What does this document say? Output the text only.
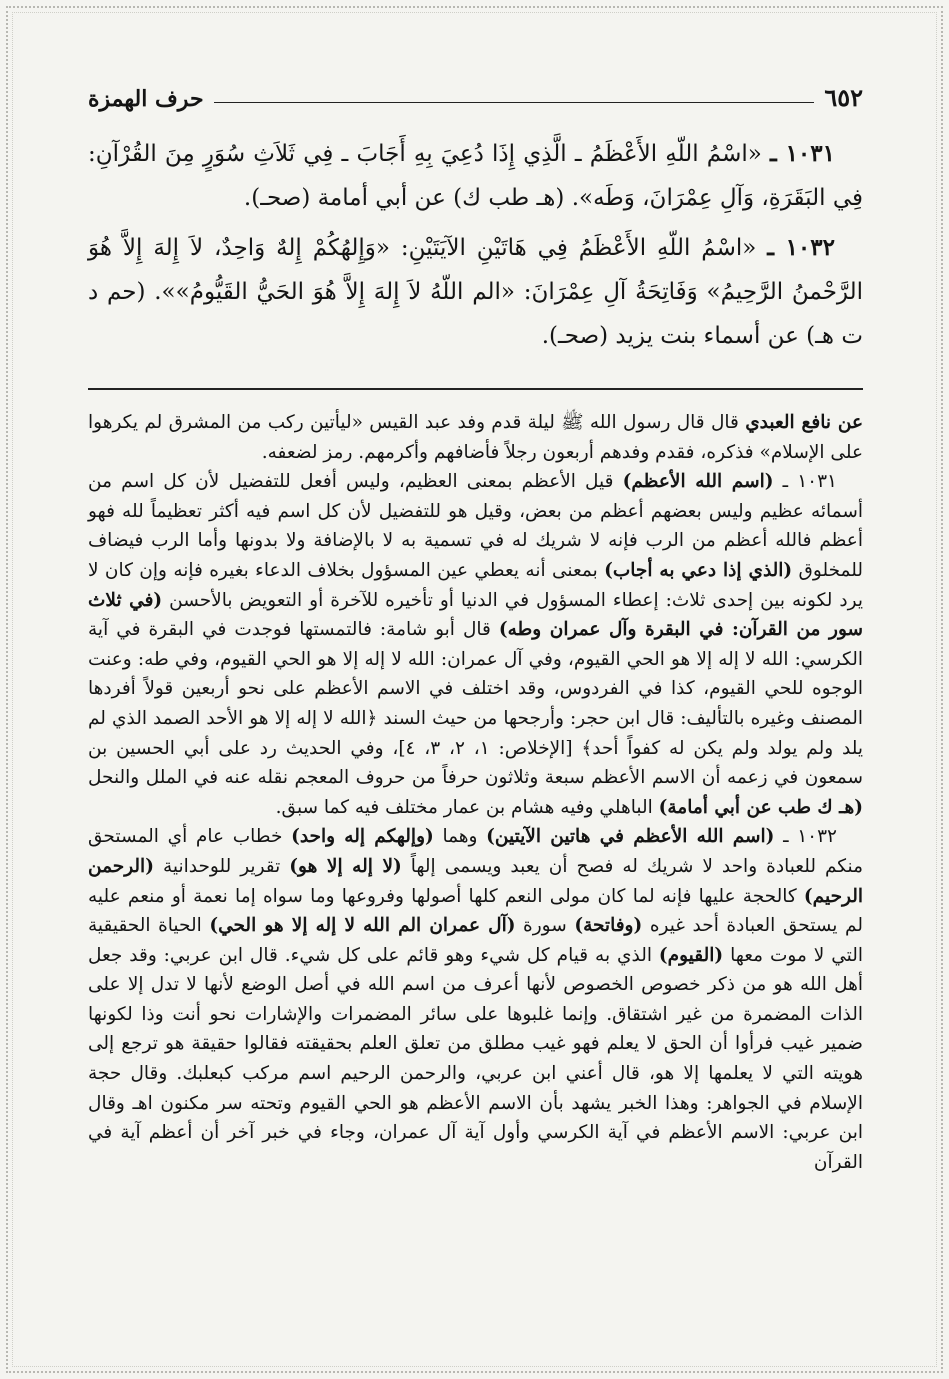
٦٥٢
حرف الهمزة

١٠٣١ ـ «اسْمُ اللّهِ الأَعْظَمُ ـ الَّذِي إِذَا دُعِيَ بِهِ أَجَابَ ـ فِي ثَلاَثِ سُوَرٍ مِنَ القُرْآنِ: فِي البَقَرَةِ، وَآلِ عِمْرَانَ، وَطَه». (هـ طب ك) عن أبي أمامة (صحـ).

١٠٣٢ ـ «اسْمُ اللّهِ الأَعْظَمُ فِي هَاتَيْنِ الآيَتَيْنِ: «وَإِلهُكُمْ إِلهٌ وَاحِدٌ، لاَ إِلهَ إِلاَّ هُوَ الرَّحْمنُ الرَّحِيمُ» وَفَاتِحَةُ آلِ عِمْرَانَ: «الم اللّهُ لاَ إِلهَ إِلاَّ هُوَ الحَيُّ القَيُّومُ»». (حم د ت هـ) عن أسماء بنت يزيد (صحـ).

عن نافع العبدي قال قال رسول الله ﷺ ليلة قدم وفد عبد القيس «ليأتين ركب من المشرق لم يكرهوا على الإسلام» فذكره، فقدم وفدهم أربعون رجلاً فأضافهم وأكرمهم. رمز لضعفه.

١٠٣١ ـ (اسم الله الأعظم) قيل الأعظم بمعنى العظيم، وليس أفعل للتفضيل لأن كل اسم من أسمائه عظيم وليس بعضهم أعظم من بعض، وقيل هو للتفضيل لأن كل اسم فيه أكثر تعظيماً لله فهو أعظم فالله أعظم من الرب فإنه لا شريك له في تسمية به لا بالإضافة ولا بدونها وأما الرب فيضاف للمخلوق (الذي إذا دعي به أجاب) بمعنى أنه يعطي عين المسؤول بخلاف الدعاء بغيره فإنه وإن كان لا يرد لكونه بين إحدى ثلاث: إعطاء المسؤول في الدنيا أو تأخيره للآخرة أو التعويض بالأحسن (في ثلاث سور من القرآن: في البقرة وآل عمران وطه) قال أبو شامة: فالتمستها فوجدت في البقرة في آية الكرسي: الله لا إله إلا هو الحي القيوم، وفي آل عمران: الله لا إله إلا هو الحي القيوم، وفي طه: وعنت الوجوه للحي القيوم، كذا في الفردوس، وقد اختلف في الاسم الأعظم على نحو أربعين قولاً أفردها المصنف وغيره بالتأليف: قال ابن حجر: وأرجحها من حيث السند ﴿الله لا إله إلا هو الأحد الصمد الذي لم يلد ولم يولد ولم يكن له كفواً أحد﴾ [الإخلاص: ١، ٢، ٣، ٤]، وفي الحديث رد على أبي الحسين بن سمعون في زعمه أن الاسم الأعظم سبعة وثلاثون حرفاً من حروف المعجم نقله عنه في الملل والنحل (هـ ك طب عن أبي أمامة) الباهلي وفيه هشام بن عمار مختلف فيه كما سبق.

١٠٣٢ ـ (اسم الله الأعظم في هاتين الآيتين) وهما (وإلهكم إله واحد) خطاب عام أي المستحق منكم للعبادة واحد لا شريك له فصح أن يعبد ويسمى إلهاً (لا إله إلا هو) تقرير للوحدانية (الرحمن الرحيم) كالحجة عليها فإنه لما كان مولى النعم كلها أصولها وفروعها وما سواه إما نعمة أو منعم عليه لم يستحق العبادة أحد غيره (وفاتحة) سورة (آل عمران الم الله لا إله إلا هو الحي) الحياة الحقيقية التي لا موت معها (القيوم) الذي به قيام كل شيء وهو قائم على كل شيء. قال ابن عربي: وقد جعل أهل الله هو من ذكر خصوص الخصوص لأنها أعرف من اسم الله في أصل الوضع لأنها لا تدل إلا على الذات المضمرة من غير اشتقاق. وإنما غلبوها على سائر المضمرات والإشارات نحو أنت وذا لكونها ضمير غيب فرأوا أن الحق لا يعلم فهو غيب مطلق من تعلق العلم بحقيقته فقالوا حقيقة هو ترجع إلى هويته التي لا يعلمها إلا هو، قال أعني ابن عربي، والرحمن الرحيم اسم مركب كبعلبك. وقال حجة الإسلام في الجواهر: وهذا الخبر يشهد بأن الاسم الأعظم هو الحي القيوم وتحته سر مكنون اهـ وقال ابن عربي: الاسم الأعظم في آية الكرسي وأول آية آل عمران، وجاء في خبر آخر أن أعظم آية في القرآن
